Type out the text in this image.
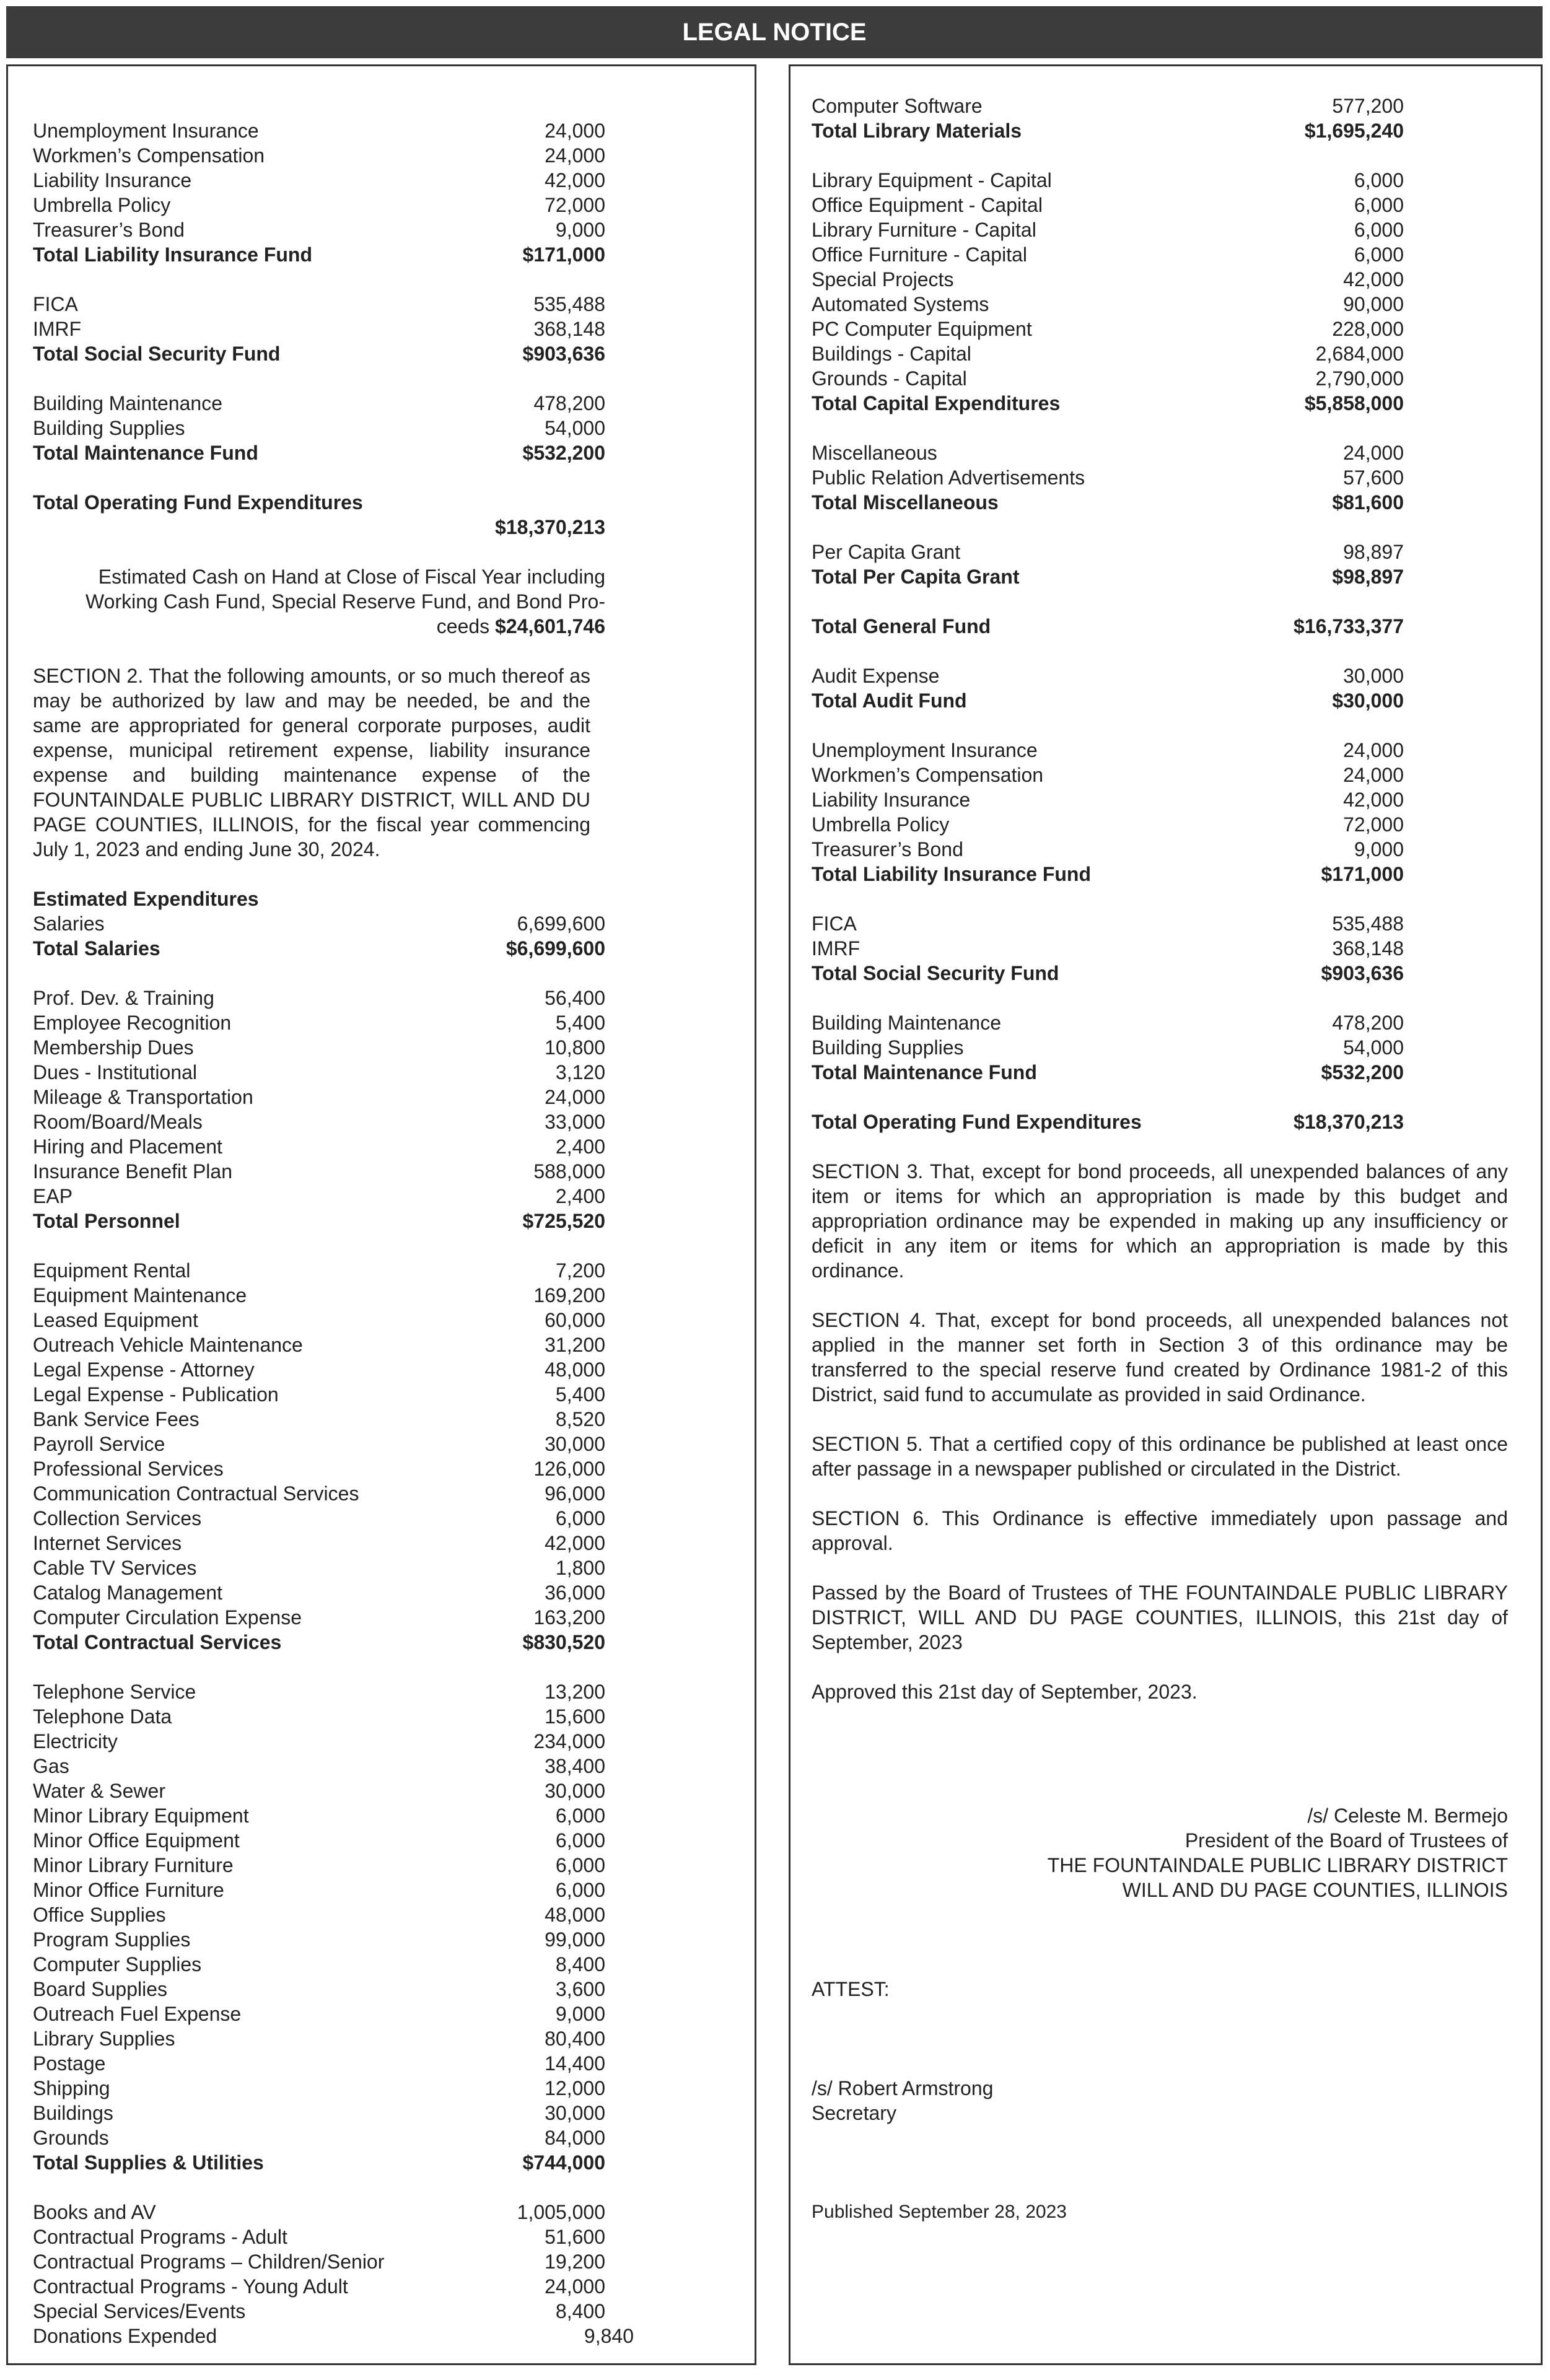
LEGAL NOTICE
Unemployment Insurance	24,000
Workmen’s Compensation	24,000
Liability Insurance	42,000
Umbrella Policy	72,000
Treasurer’s Bond	9,000
Total Liability Insurance Fund	$171,000
FICA	535,488
IMRF	368,148
Total Social Security Fund	$903,636
Building Maintenance	478,200
Building Supplies	54,000
Total Maintenance Fund	$532,200
Total Operating Fund Expenditures
$18,370,213
Estimated Cash on Hand at Close of Fiscal Year including
Working Cash Fund, Special Reserve Fund, and Bond Pro-
ceeds $24,601,746
SECTION 2. That the following amounts, or so much thereof as may be authorized by law and may be needed, be and the same are appropriated for general corporate purposes, audit expense, municipal retirement expense, liability insurance expense and building maintenance expense of the FOUNTAINDALE PUBLIC LIBRARY DISTRICT, WILL AND DU PAGE COUNTIES, ILLINOIS, for the fiscal year commencing July 1, 2023 and ending June 30, 2024.
Estimated Expenditures
Salaries	6,699,600
Total Salaries	$6,699,600
Prof. Dev. & Training	56,400
Employee Recognition	5,400
Membership Dues	10,800
Dues - Institutional	3,120
Mileage & Transportation	24,000
Room/Board/Meals	33,000
Hiring and Placement	2,400
Insurance Benefit Plan	588,000
EAP	2,400
Total Personnel	$725,520
Equipment Rental	7,200
Equipment Maintenance	169,200
Leased Equipment	60,000
Outreach Vehicle Maintenance	31,200
Legal Expense - Attorney	48,000
Legal Expense - Publication	5,400
Bank Service Fees	8,520
Payroll Service	30,000
Professional Services	126,000
Communication Contractual Services	96,000
Collection Services	6,000
Internet Services	42,000
Cable TV Services	1,800
Catalog Management	36,000
Computer Circulation Expense	163,200
Total Contractual Services	$830,520
Telephone Service	13,200
Telephone Data	15,600
Electricity	234,000
Gas	38,400
Water & Sewer	30,000
Minor Library Equipment	6,000
Minor Office Equipment	6,000
Minor Library Furniture	6,000
Minor Office Furniture	6,000
Office Supplies	48,000
Program Supplies	99,000
Computer Supplies	8,400
Board Supplies	3,600
Outreach Fuel Expense	9,000
Library Supplies	80,400
Postage	14,400
Shipping	12,000
Buildings	30,000
Grounds	84,000
Total Supplies & Utilities	$744,000
Books and AV	1,005,000
Contractual Programs - Adult	51,600
Contractual Programs – Children/Senior	19,200
Contractual Programs - Young Adult	24,000
Special Services/Events	8,400
Donations Expended	9,840
Computer Software	577,200
Total Library Materials	$1,695,240
Library Equipment - Capital	6,000
Office Equipment - Capital	6,000
Library Furniture - Capital	6,000
Office Furniture - Capital	6,000
Special Projects	42,000
Automated Systems	90,000
PC Computer Equipment	228,000
Buildings - Capital	2,684,000
Grounds - Capital	2,790,000
Total Capital Expenditures	$5,858,000
Miscellaneous	24,000
Public Relation Advertisements	57,600
Total Miscellaneous	$81,600
Per Capita Grant	98,897
Total Per Capita Grant	$98,897
Total General Fund	$16,733,377
Audit Expense	30,000
Total Audit Fund	$30,000
Unemployment Insurance	24,000
Workmen’s Compensation	24,000
Liability Insurance	42,000
Umbrella Policy	72,000
Treasurer’s Bond	9,000
Total Liability Insurance Fund	$171,000
FICA	535,488
IMRF	368,148
Total Social Security Fund	$903,636
Building Maintenance	478,200
Building Supplies	54,000
Total Maintenance Fund	$532,200
Total Operating Fund Expenditures	$18,370,213
SECTION 3. That, except for bond proceeds, all unexpended balances of any item or items for which an appropriation is made by this budget and appropriation ordinance may be expended in making up any insufficiency or deficit in any item or items for which an appropriation is made by this ordinance.
SECTION 4. That, except for bond proceeds, all unexpended balances not applied in the manner set forth in Section 3 of this ordinance may be transferred to the special reserve fund created by Ordinance 1981-2 of this District, said fund to accumulate as provided in said Ordinance.
SECTION 5. That a certified copy of this ordinance be published at least once after passage in a newspaper published or circulated in the District.
SECTION 6. This Ordinance is effective immediately upon passage and approval.
Passed by the Board of Trustees of THE FOUNTAINDALE PUBLIC LIBRARY DISTRICT, WILL AND DU PAGE COUNTIES, ILLINOIS, this 21st day of September, 2023
Approved this 21st day of September, 2023.
/s/ Celeste M. Bermejo
President of the Board of Trustees of
THE FOUNTAINDALE PUBLIC LIBRARY DISTRICT
WILL AND DU PAGE COUNTIES, ILLINOIS
ATTEST:
/s/ Robert Armstrong
Secretary
Published September 28, 2023
